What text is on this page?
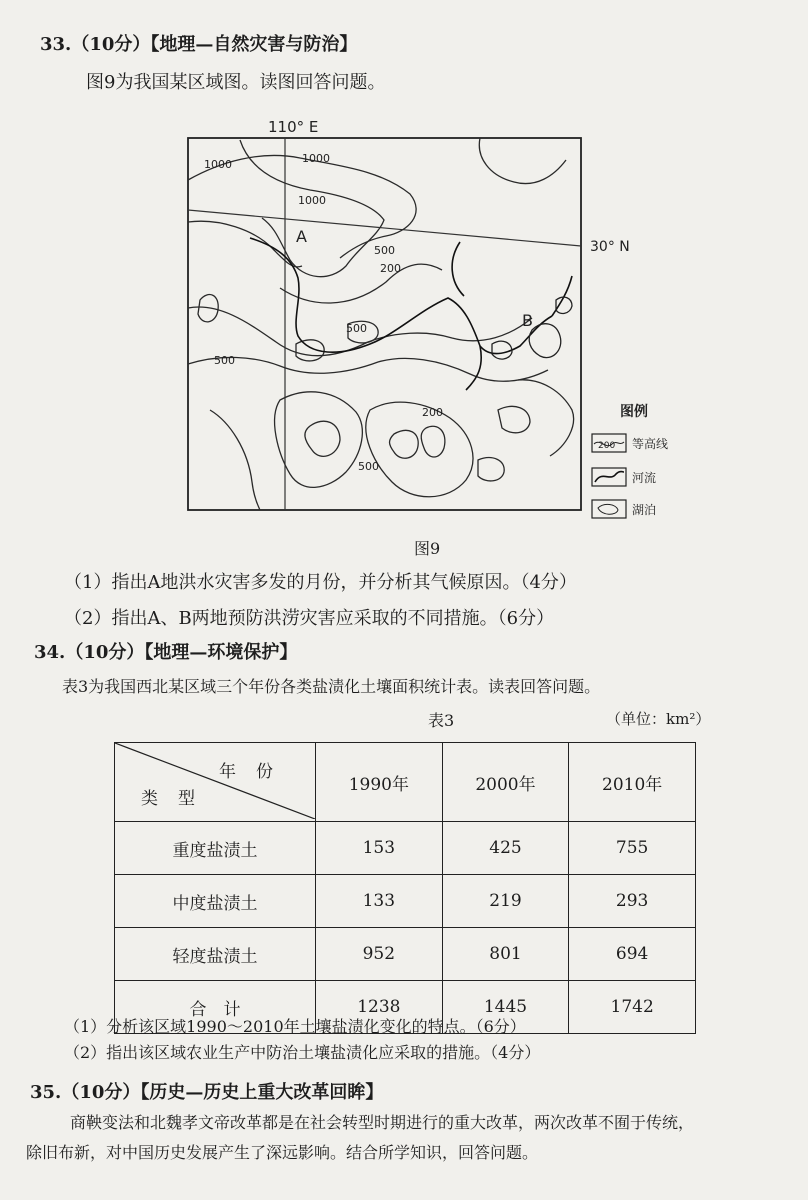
33.（10分）【地理—自然灾害与防治】
图9为我国某区域图。读图回答问题。
110° E
30° N
1000	1000
1000
500
200
500
500
200
500
A
B
图例
200 等高线
河流
湖泊
图9
（1）指出A地洪水灾害多发的月份，并分析其气候原因。（4分）
（2）指出A、B两地预防洪涝灾害应采取的不同措施。（6分）
34.（10分）【地理—环境保护】
表3为我国西北某区域三个年份各类盐渍化土壤面积统计表。读表回答问题。
表3	（单位：km²）
年份
类型	1990年	2000年	2010年
重度盐渍土	153	425	755
中度盐渍土	133	219	293
轻度盐渍土	952	801	694
合　计	1238	1445	1742
（1）分析该区域1990～2010年土壤盐渍化变化的特点。（6分）
（2）指出该区域农业生产中防治土壤盐渍化应采取的措施。（4分）
35.（10分）【历史—历史上重大改革回眸】
商鞅变法和北魏孝文帝改革都是在社会转型时期进行的重大改革，两次改革不囿于传统，
除旧布新，对中国历史发展产生了深远影响。结合所学知识，回答问题。
